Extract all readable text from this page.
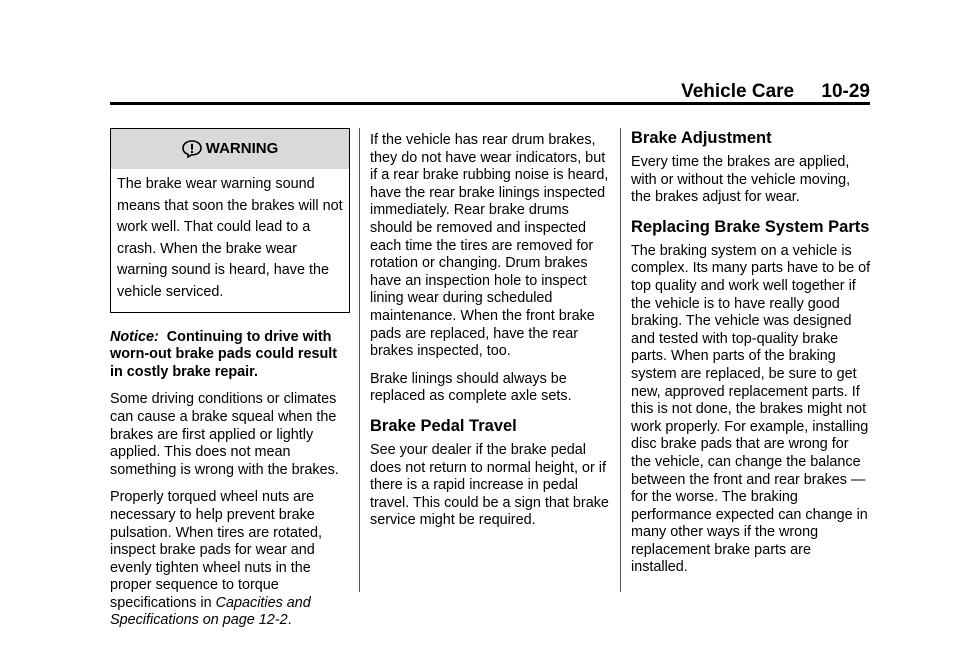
Vehicle Care 10-29
WARNING
The brake wear warning sound means that soon the brakes will not work well. That could lead to a crash. When the brake wear warning sound is heard, have the vehicle serviced.

Notice: Continuing to drive with worn-out brake pads could result in costly brake repair.

Some driving conditions or climates can cause a brake squeal when the brakes are first applied or lightly applied. This does not mean something is wrong with the brakes.

Properly torqued wheel nuts are necessary to help prevent brake pulsation. When tires are rotated, inspect brake pads for wear and evenly tighten wheel nuts in the proper sequence to torque specifications in Capacities and Specifications on page 12-2.

If the vehicle has rear drum brakes, they do not have wear indicators, but if a rear brake rubbing noise is heard, have the rear brake linings inspected immediately. Rear brake drums should be removed and inspected each time the tires are removed for rotation or changing. Drum brakes have an inspection hole to inspect lining wear during scheduled maintenance. When the front brake pads are replaced, have the rear brakes inspected, too.

Brake linings should always be replaced as complete axle sets.

Brake Pedal Travel

See your dealer if the brake pedal does not return to normal height, or if there is a rapid increase in pedal travel. This could be a sign that brake service might be required.

Brake Adjustment

Every time the brakes are applied, with or without the vehicle moving, the brakes adjust for wear.

Replacing Brake System Parts

The braking system on a vehicle is complex. Its many parts have to be of top quality and work well together if the vehicle is to have really good braking. The vehicle was designed and tested with top-quality brake parts. When parts of the braking system are replaced, be sure to get new, approved replacement parts. If this is not done, the brakes might not work properly. For example, installing disc brake pads that are wrong for the vehicle, can change the balance between the front and rear brakes — for the worse. The braking performance expected can change in many other ways if the wrong replacement brake parts are installed.
